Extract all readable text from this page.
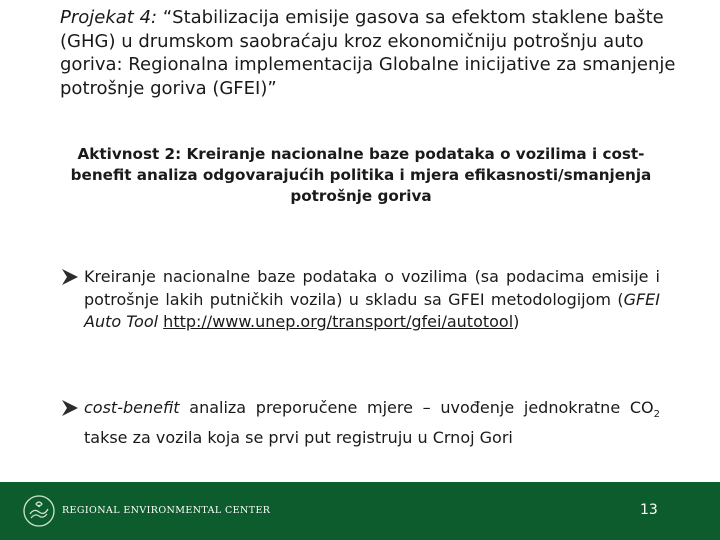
Projekat 4: “Stabilizacija emisije gasova sa efektom staklene bašte (GHG) u drumskom saobraćaju kroz ekonomičniju potrošnju auto goriva: Regionalna implementacija Globalne inicijative za smanjenje potrošnje goriva (GFEI)”
Aktivnost 2: Kreiranje nacionalne baze podataka o vozilima i cost-benefit analiza odgovarajućih politika i mjera efikasnosti/smanjenja potrošnje goriva
Kreiranje nacionalne baze podataka o vozilima (sa podacima emisije i potrošnje lakih putničkih vozila) u skladu sa GFEI metodologijom (GFEI Auto Tool http://www.unep.org/transport/gfei/autotool)
cost-benefit analiza preporučene mjere – uvođenje jednokratne $CO_2$ takse za vozila koja se prvi put registruju u Crnoj Gori
REGIONAL ENVIRONMENTAL CENTER	13
